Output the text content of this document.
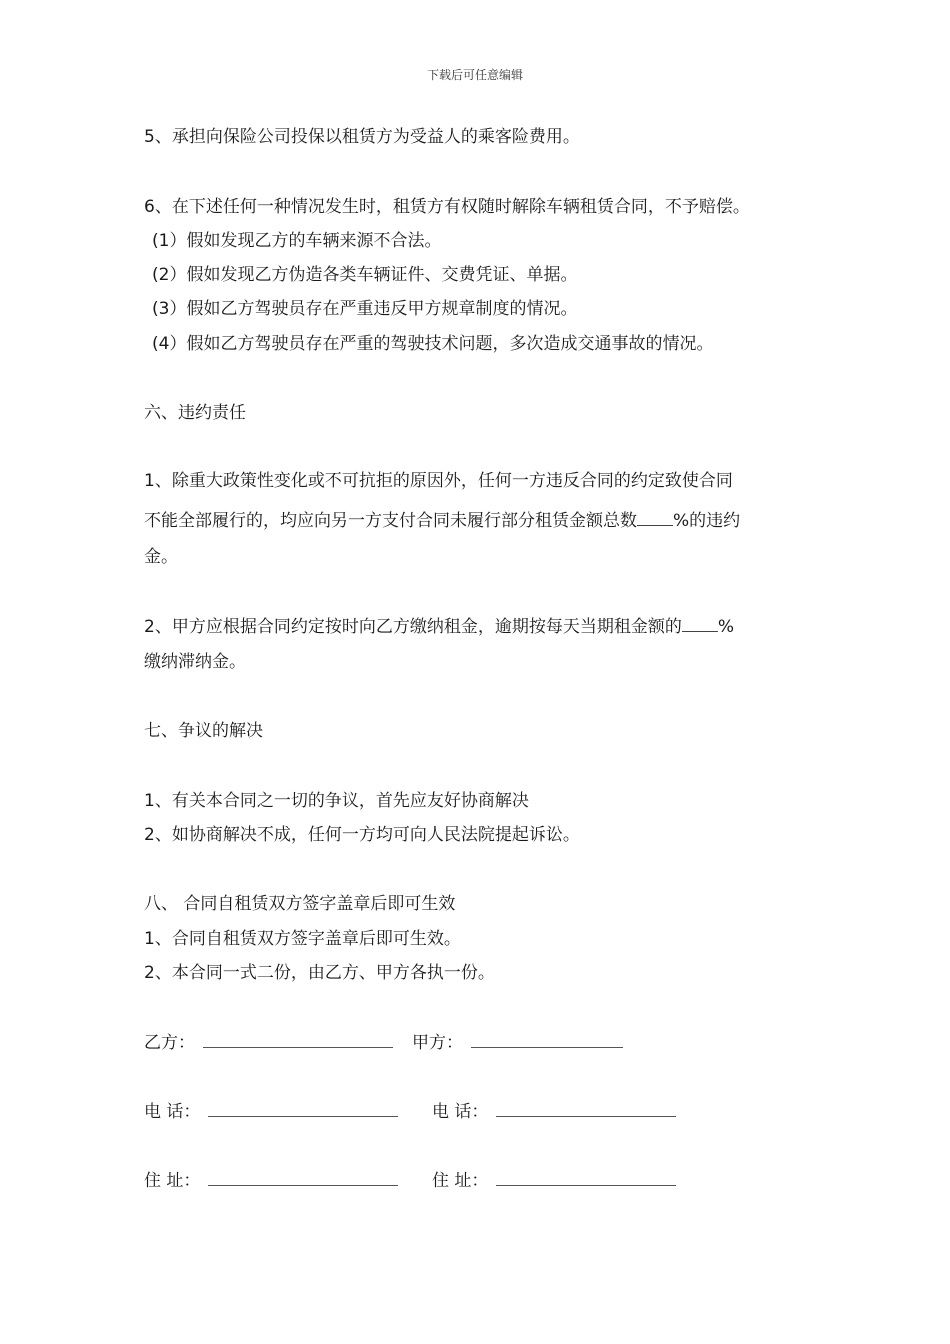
下载后可任意编辑
5、承担向保险公司投保以租赁方为受益人的乘客险费用。
6、在下述任何一种情况发生时，租赁方有权随时解除车辆租赁合同，不予赔偿。
(1）假如发现乙方的车辆来源不合法。
(2）假如发现乙方伪造各类车辆证件、交费凭证、单据。
(3）假如乙方驾驶员存在严重违反甲方规章制度的情况。
(4）假如乙方驾驶员存在严重的驾驶技术问题，多次造成交通事故的情况。
六、违约责任
1、除重大政策性变化或不可抗拒的原因外，任何一方违反合同的约定致使合同
不能全部履行的，均应向另一方支付合同未履行部分租赁金额总数 %的违约
金。
2、甲方应根据合同约定按时向乙方缴纳租金，逾期按每天当期租金额的 %
缴纳滞纳金。
七、争议的解决
1、有关本合同之一切的争议，首先应友好协商解决
2、如协商解决不成，任何一方均可向人民法院提起诉讼。
八、 合同自租赁双方签字盖章后即可生效
1、合同自租赁双方签字盖章后即可生效。
2、本合同一式二份，由乙方、甲方各执一份。
乙方：	甲方：
电 话：	电 话：
住 址：	住 址：
